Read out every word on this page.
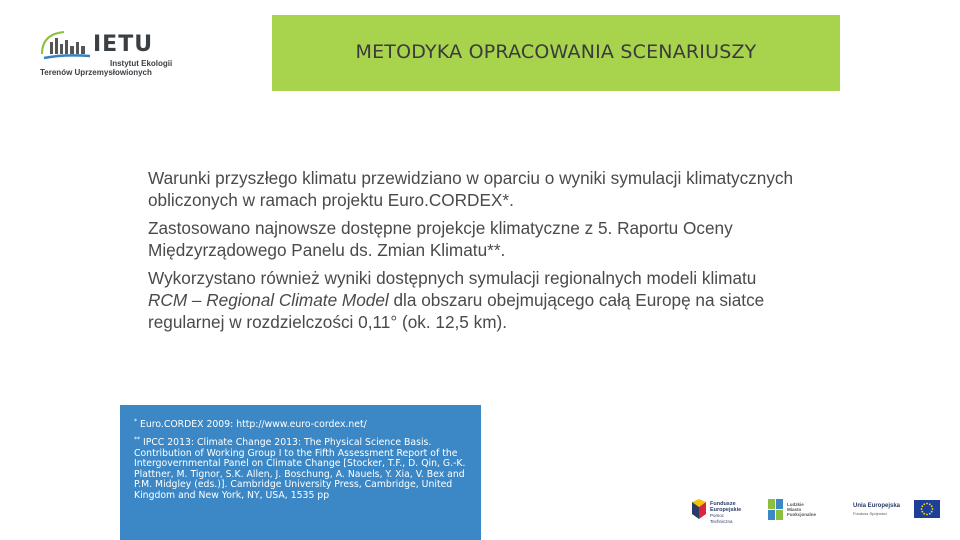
IETU
Instytut Ekologii
Terenów Uprzemysłowionych
METODYKA OPRACOWANIA SCENARIUSZY

Warunki przyszłego klimatu przewidziano w oparciu o wyniki symulacji klimatycznych obliczonych w ramach projektu Euro.CORDEX*.

Zastosowano najnowsze dostępne projekcje klimatyczne z 5. Raportu Oceny Międzyrządowego Panelu ds. Zmian Klimatu**.

Wykorzystano również wyniki dostępnych symulacji regionalnych modeli klimatu RCM – Regional Climate Model dla obszaru obejmującego całą Europę na siatce regularnej w rozdzielczości 0,11° (ok. 12,5 km).

* Euro.CORDEX 2009: http://www.euro-cordex.net/
** IPCC 2013: Climate Change 2013: The Physical Science Basis. Contribution of Working Group I to the Fifth Assessment Report of the Intergovernmental Panel on Climate Change [Stocker, T.F., D. Qin, G.-K. Plattner, M. Tignor, S.K. Allen, J. Boschung, A. Nauels, Y. Xia, V. Bex and P.M. Midgley (eds.)]. Cambridge University Press, Cambridge, United Kingdom and New York, NY, USA, 1535 pp
Fundusze
Europejskie
Pomoc Techniczna
Ludzkie
Miasto
Funkcjonalne
Unia Europejska
Fundusz Spójności
